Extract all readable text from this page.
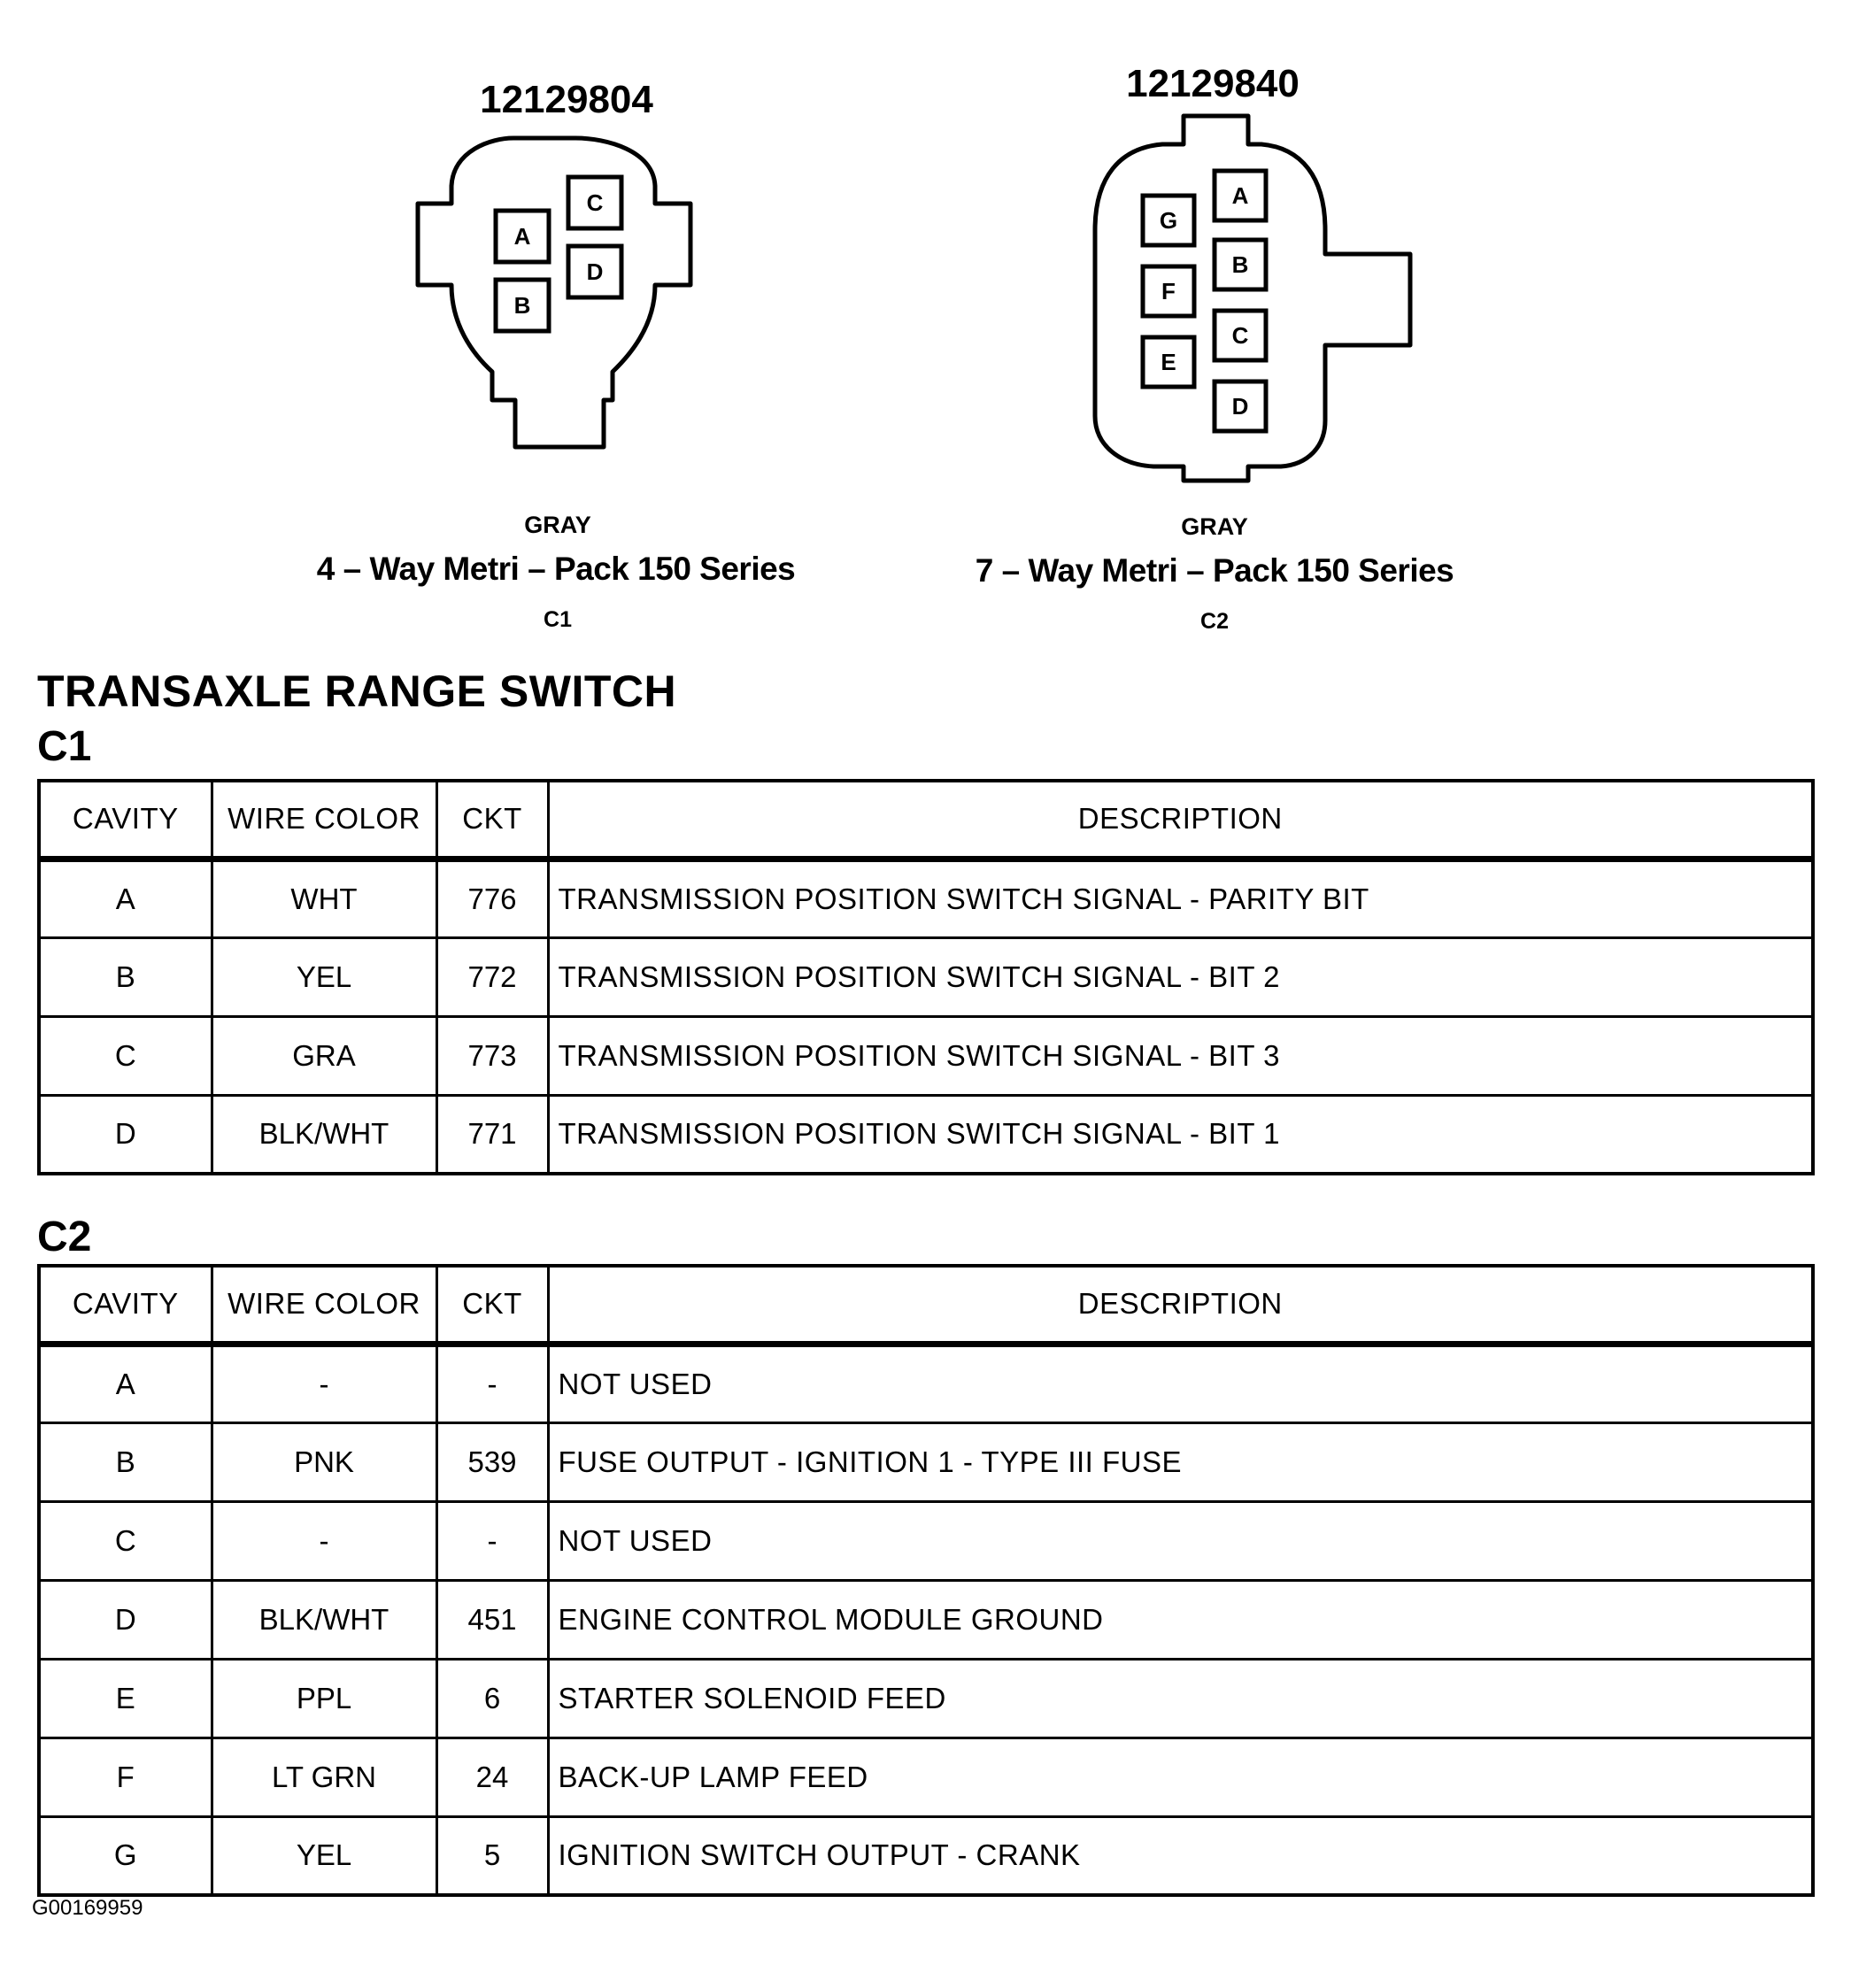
12129804
A
B
C
D
GRAY
4 – Way Metri – Pack 150 Series
C1
12129840
A
B
C
D
G
F
E
GRAY
7 – Way Metri – Pack 150 Series
C2
TRANSAXLE RANGE SWITCH
C1
CAVITY	WIRE COLOR	CKT	DESCRIPTION
A	WHT	776	TRANSMISSION POSITION SWITCH SIGNAL - PARITY BIT
B	YEL	772	TRANSMISSION POSITION SWITCH SIGNAL - BIT 2
C	GRA	773	TRANSMISSION POSITION SWITCH SIGNAL - BIT 3
D	BLK/WHT	771	TRANSMISSION POSITION SWITCH SIGNAL - BIT 1
C2
CAVITY	WIRE COLOR	CKT	DESCRIPTION
A	-	-	NOT USED
B	PNK	539	FUSE OUTPUT - IGNITION 1 - TYPE III FUSE
C	-	-	NOT USED
D	BLK/WHT	451	ENGINE CONTROL MODULE GROUND
E	PPL	6	STARTER SOLENOID FEED
F	LT GRN	24	BACK-UP LAMP FEED
G	YEL	5	IGNITION SWITCH OUTPUT - CRANK
G00169959
